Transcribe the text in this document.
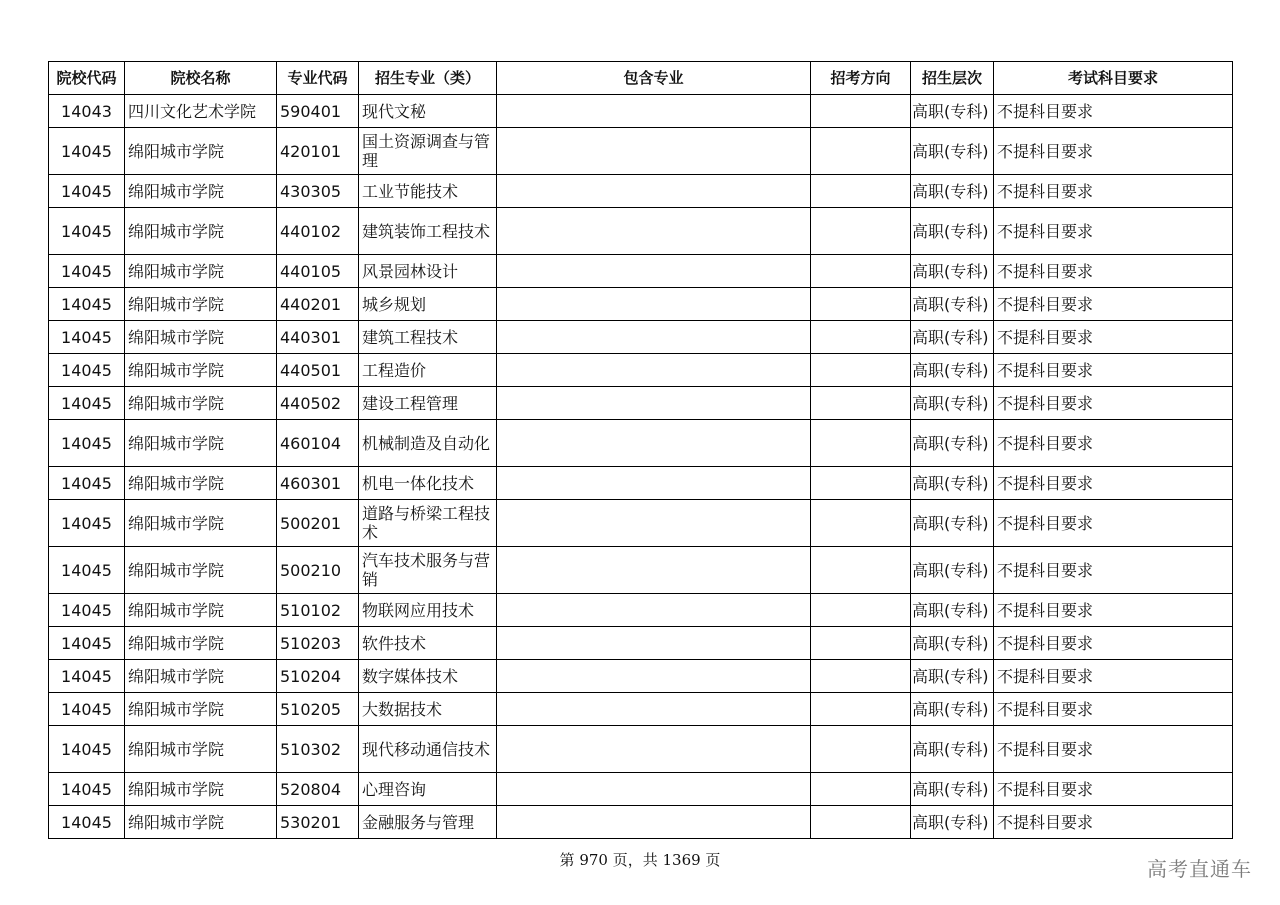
院校代码	院校名称	专业代码	招生专业（类）	包含专业	招考方向	招生层次	考试科目要求
14043	四川文化艺术学院	590401	现代文秘			高职(专科)	不提科目要求
14045	绵阳城市学院	420101	国土资源调查与管理			高职(专科)	不提科目要求
14045	绵阳城市学院	430305	工业节能技术			高职(专科)	不提科目要求
14045	绵阳城市学院	440102	建筑装饰工程技术			高职(专科)	不提科目要求
14045	绵阳城市学院	440105	风景园林设计			高职(专科)	不提科目要求
14045	绵阳城市学院	440201	城乡规划			高职(专科)	不提科目要求
14045	绵阳城市学院	440301	建筑工程技术			高职(专科)	不提科目要求
14045	绵阳城市学院	440501	工程造价			高职(专科)	不提科目要求
14045	绵阳城市学院	440502	建设工程管理			高职(专科)	不提科目要求
14045	绵阳城市学院	460104	机械制造及自动化			高职(专科)	不提科目要求
14045	绵阳城市学院	460301	机电一体化技术			高职(专科)	不提科目要求
14045	绵阳城市学院	500201	道路与桥梁工程技术			高职(专科)	不提科目要求
14045	绵阳城市学院	500210	汽车技术服务与营销			高职(专科)	不提科目要求
14045	绵阳城市学院	510102	物联网应用技术			高职(专科)	不提科目要求
14045	绵阳城市学院	510203	软件技术			高职(专科)	不提科目要求
14045	绵阳城市学院	510204	数字媒体技术			高职(专科)	不提科目要求
14045	绵阳城市学院	510205	大数据技术			高职(专科)	不提科目要求
14045	绵阳城市学院	510302	现代移动通信技术			高职(专科)	不提科目要求
14045	绵阳城市学院	520804	心理咨询			高职(专科)	不提科目要求
14045	绵阳城市学院	530201	金融服务与管理			高职(专科)	不提科目要求
第 970 页，共 1369 页	高考直通车
